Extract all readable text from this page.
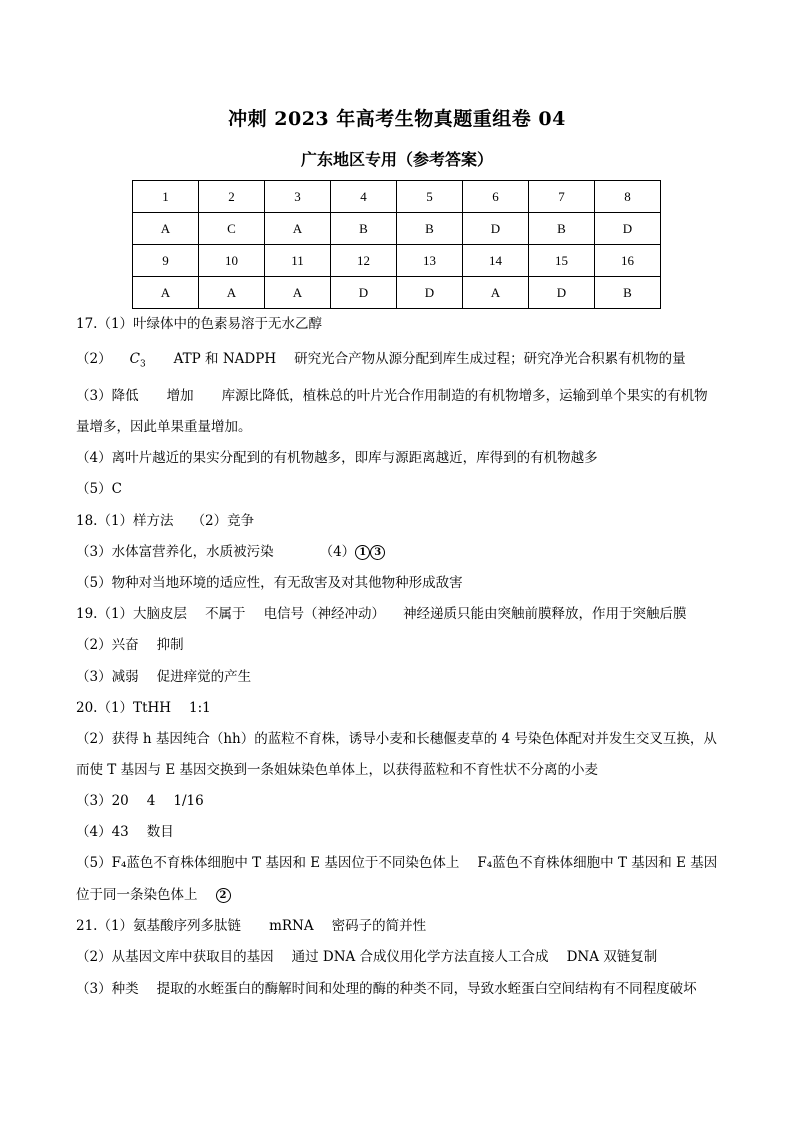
冲刺 2023 年高考生物真题重组卷 04
广东地区专用（参考答案）
1	2	3	4	5	6	7	8
A	C	A	B	B	D	B	D
9	10	11	12	13	14	15	16
A	A	A	D	D	A	D	B
17.（1）叶绿体中的色素易溶于无水乙醇
（2） $C_3$ ATP 和 NADPH 研究光合产物从源分配到库生成过程；研究净光合积累有机物的量
（3）降低 增加 库源比降低，植株总的叶片光合作用制造的有机物增多，运输到单个果实的有机物
量增多，因此单果重量增加。
（4）离叶片越近的果实分配到的有机物越多，即库与源距离越近，库得到的有机物越多
（5）C
18.（1）样方法 （2）竞争
（3）水体富营养化，水质被污染	（4） 1 3
（5）物种对当地环境的适应性，有无敌害及对其他物种形成敌害
19.（1）大脑皮层 不属于 电信号（神经冲动） 神经递质只能由突触前膜释放，作用于突触后膜
（2）兴奋 抑制
（3）减弱 促进痒觉的产生
20.（1）TtHH 1:1
（2）获得 h 基因纯合（hh）的蓝粒不育株，诱导小麦和长穗偃麦草的 4 号染色体配对并发生交叉互换，从
而使 T 基因与 E 基因交换到一条姐妹染色单体上，以获得蓝粒和不育性状不分离的小麦
（3）20 4 1/16
（4）43 数目
（5）F₄蓝色不育株体细胞中 T 基因和 E 基因位于不同染色体上 F₄蓝色不育株体细胞中 T 基因和 E 基因
位于同一条染色体上 2
21.（1）氨基酸序列多肽链 mRNA 密码子的简并性
（2）从基因文库中获取目的基因 通过 DNA 合成仪用化学方法直接人工合成 DNA 双链复制
（3）种类 提取的水蛭蛋白的酶解时间和处理的酶的种类不同，导致水蛭蛋白空间结构有不同程度破坏
